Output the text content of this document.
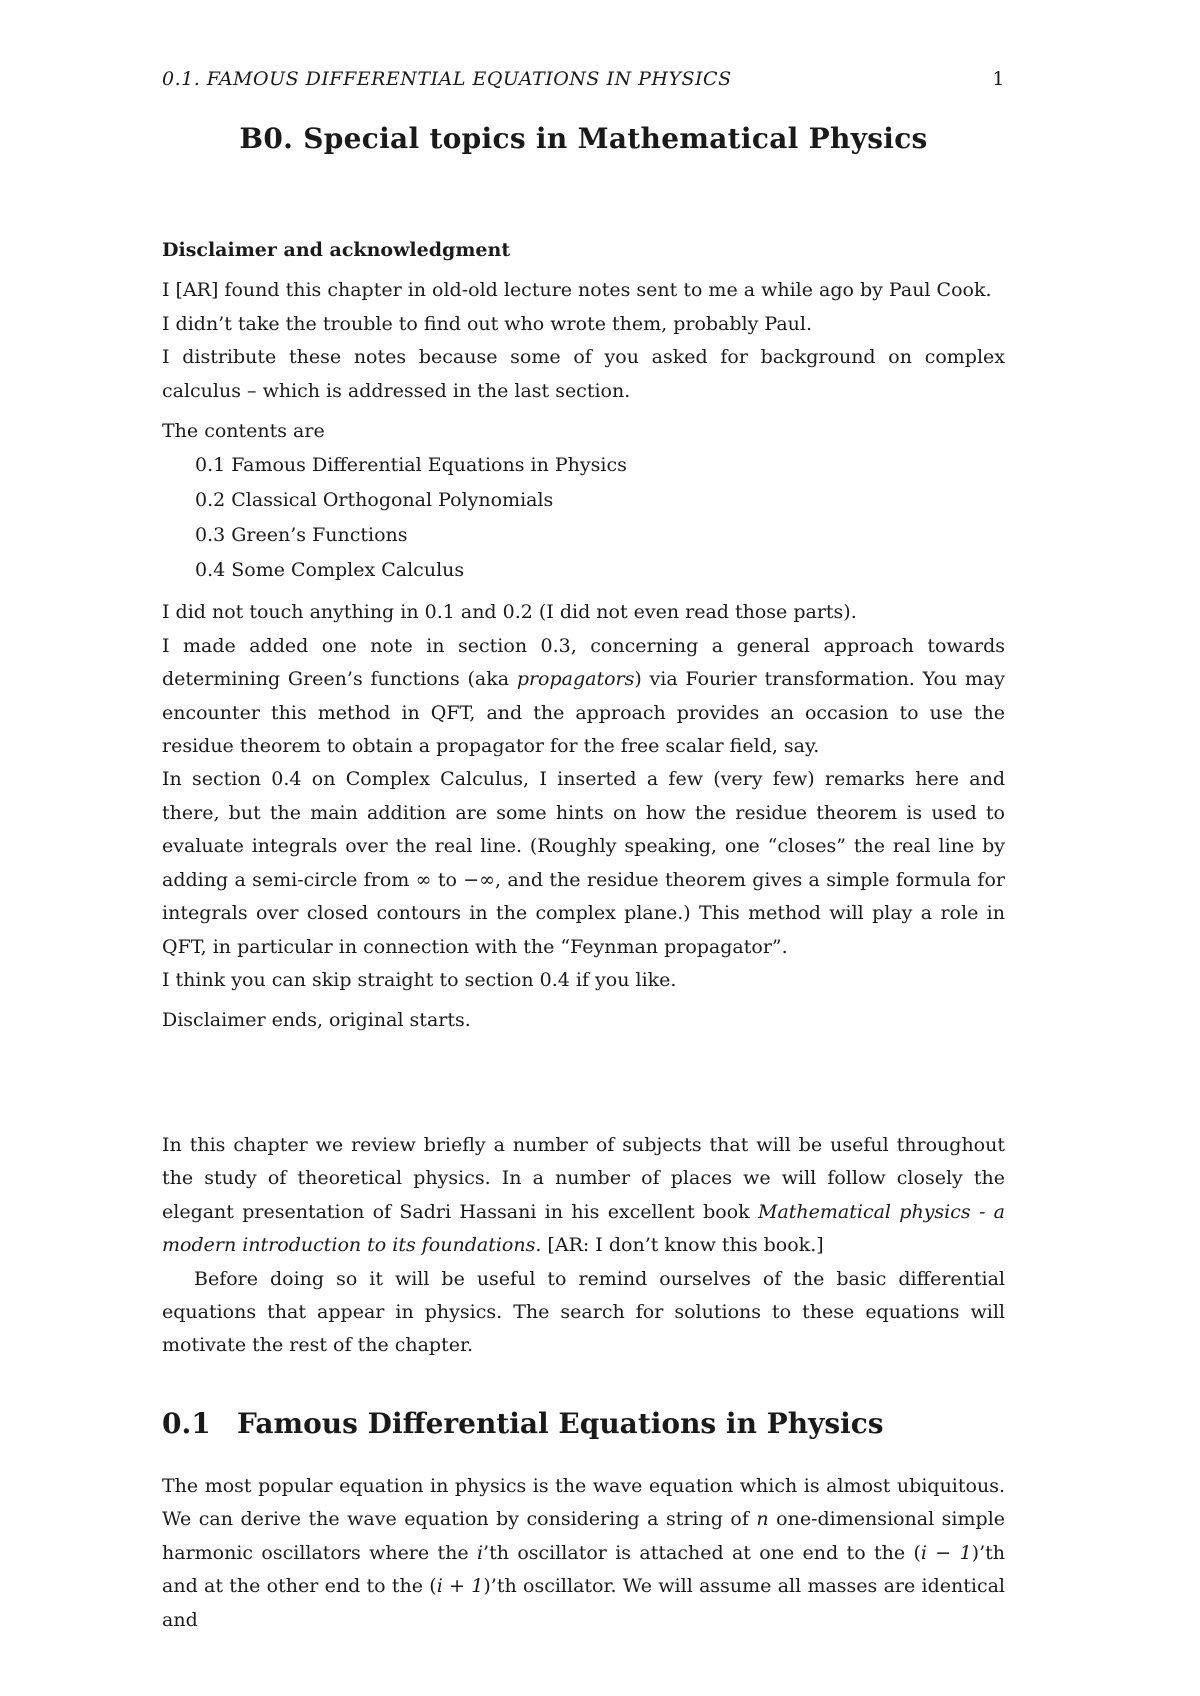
0.1. FAMOUS DIFFERENTIAL EQUATIONS IN PHYSICS	1
B0. Special topics in Mathematical Physics
Disclaimer and acknowledgment

I [AR] found this chapter in old-old lecture notes sent to me a while ago by Paul Cook.

I didn’t take the trouble to find out who wrote them, probably Paul.

I distribute these notes because some of you asked for background on complex calculus – which is addressed in the last section.

The contents are

0.1 Famous Differential Equations in Physics
0.2 Classical Orthogonal Polynomials
0.3 Green’s Functions
0.4 Some Complex Calculus

I did not touch anything in 0.1 and 0.2 (I did not even read those parts).

I made added one note in section 0.3, concerning a general approach towards determining Green’s functions (aka propagators) via Fourier transformation. You may encounter this method in QFT, and the approach provides an occasion to use the residue theorem to obtain a propagator for the free scalar field, say.

In section 0.4 on Complex Calculus, I inserted a few (very few) remarks here and there, but the main addition are some hints on how the residue theorem is used to evaluate integrals over the real line. (Roughly speaking, one “closes” the real line by adding a semi-circle from ∞ to −∞, and the residue theorem gives a simple formula for integrals over closed contours in the complex plane.) This method will play a role in QFT, in particular in connection with the “Feynman propagator”.

I think you can skip straight to section 0.4 if you like.

Disclaimer ends, original starts.

In this chapter we review briefly a number of subjects that will be useful throughout the study of theoretical physics. In a number of places we will follow closely the elegant presentation of Sadri Hassani in his excellent book Mathematical physics - a modern introduction to its foundations. [AR: I don’t know this book.]

Before doing so it will be useful to remind ourselves of the basic differential equations that appear in physics. The search for solutions to these equations will motivate the rest of the chapter.

0.1 Famous Differential Equations in Physics

The most popular equation in physics is the wave equation which is almost ubiquitous. We can derive the wave equation by considering a string of n one-dimensional simple harmonic oscillators where the i’th oscillator is attached at one end to the (i − 1)’th and at the other end to the (i + 1)’th oscillator. We will assume all masses are identical and
